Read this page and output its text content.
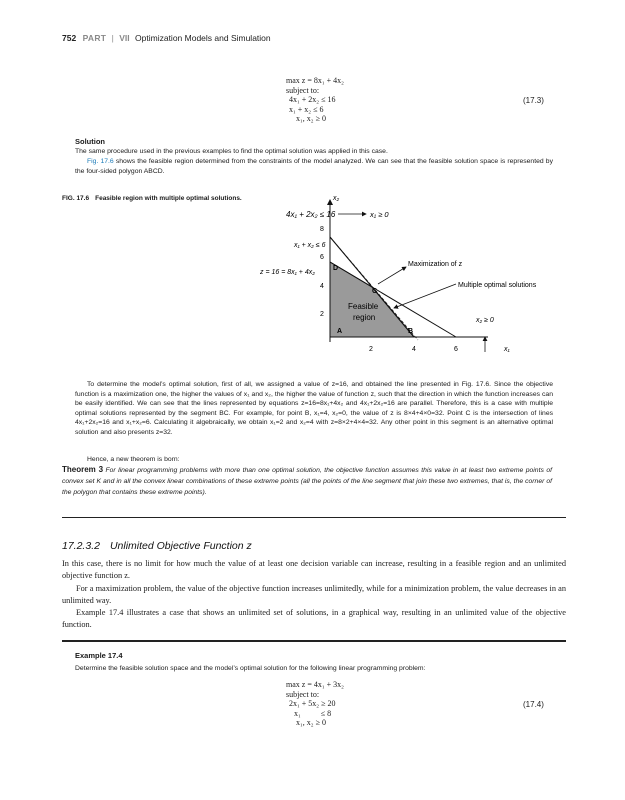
752 PART | VII Optimization Models and Simulation
max z = 8x₁ + 4x₂
subject to:
4x₁ + 2x₂ ≤ 16
x₁ + x₂ ≤ 6
x₁, x₂ ≥ 0
(17.3)
Solution
The same procedure used in the previous examples to find the optimal solution was applied in this case.
Fig. 17.6 shows the feasible region determined from the constraints of the model analyzed. We can see that the feasible solution space is represented by the four-sided polygon ABCD.
FIG. 17.6 Feasible region with multiple optimal solutions.
8
6
4
2
2	4	6	x₁
x₂
4x₁ + 2x₂ ≤ 16	x₁ ≥ 0
x₁ + x₂ ≤ 6
z = 16 = 8x₁ + 4x₂
Maximization of z
Multiple optimal solutions
x₂ ≥ 0
Feasible
region
A	B
C
D
To determine the model’s optimal solution, first of all, we assigned a value of z=16, and obtained the line presented in Fig. 17.6. Since the objective function is a maximization one, the higher the values of x₁ and x₂, the higher the value of function z, such that the direction in which the function increases can be easily identified. We can see that the lines represented by equations z=16=8x₁+4x₂ and 4x₁+2x₂=16 are parallel. Therefore, this is a case with multiple optimal solutions represented by the segment BC. For example, for point B, x₁=4, x₂=0, the value of z is 8×4+4×0=32. Point C is the intersection of lines 4x₁+2x₂=16 and x₁+x₂=6. Calculating it algebraically, we obtain x₁=2 and x₂=4 with z=8×2+4×4=32. Any other point in this segment is an alternative optimal solution and also presents z=32.
Hence, a new theorem is born:
Theorem 3 For linear programming problems with more than one optimal solution, the objective function assumes this value in at least two extreme points of convex set K and in all the convex linear combinations of these extreme points (all the points of the line segment that join these two extremes, that is, the corner of the polygon that contains these extreme points).
17.2.3.2 Unlimited Objective Function z
In this case, there is no limit for how much the value of at least one decision variable can increase, resulting in a feasible region and an unlimited objective function z.
For a maximization problem, the value of the objective function increases unlimitedly, while for a minimization problem, the value decreases in an unlimited way.
Example 17.4 illustrates a case that shows an unlimited set of solutions, in a graphical way, resulting in an unlimited value of the objective function.
Example 17.4
Determine the feasible solution space and the model’s optimal solution for the following linear programming problem:
max z = 4x₁ + 3x₂
subject to:
2x₁ + 5x₂ ≥ 20
x₁          ≤ 8
x₁, x₂ ≥ 0
(17.4)
